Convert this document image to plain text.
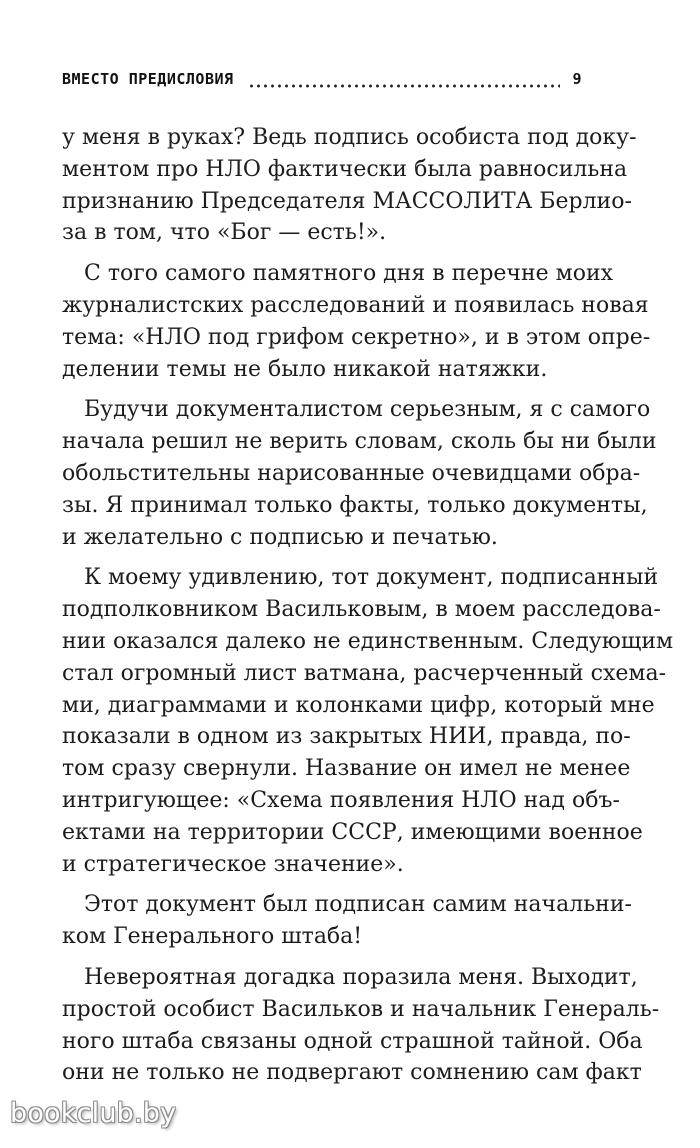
ВМЕСТО ПРЕДИСЛОВИЯ	9

у меня в руках? Ведь подпись особиста под доку-
ментом про НЛО фактически была равносильна
признанию Председателя МАССОЛИТА Берлио-
за в том, что «Бог — есть!».

С того самого памятного дня в перечне моих
журналистских расследований и появилась новая
тема: «НЛО под грифом секретно», и в этом опре-
делении темы не было никакой натяжки.

Будучи документалистом серьезным, я с самого
начала решил не верить словам, сколь бы ни были
обольстительны нарисованные очевидцами обра-
зы. Я принимал только факты, только документы,
и желательно с подписью и печатью.

К моему удивлению, тот документ, подписанный
подполковником Васильковым, в моем расследова-
нии оказался далеко не единственным. Следующим
стал огромный лист ватмана, расчерченный схема-
ми, диаграммами и колонками цифр, который мне
показали в одном из закрытых НИИ, правда, по-
том сразу свернули. Название он имел не менее
интригующее: «Схема появления НЛО над объ-
ектами на территории СССР, имеющими военное
и стратегическое значение».

Этот документ был подписан самим начальни-
ком Генерального штаба!

Невероятная догадка поразила меня. Выходит,
простой особист Васильков и начальник Генераль-
ного штаба связаны одной страшной тайной. Оба
они не только не подвергают сомнению сам факт

bookclub.by
